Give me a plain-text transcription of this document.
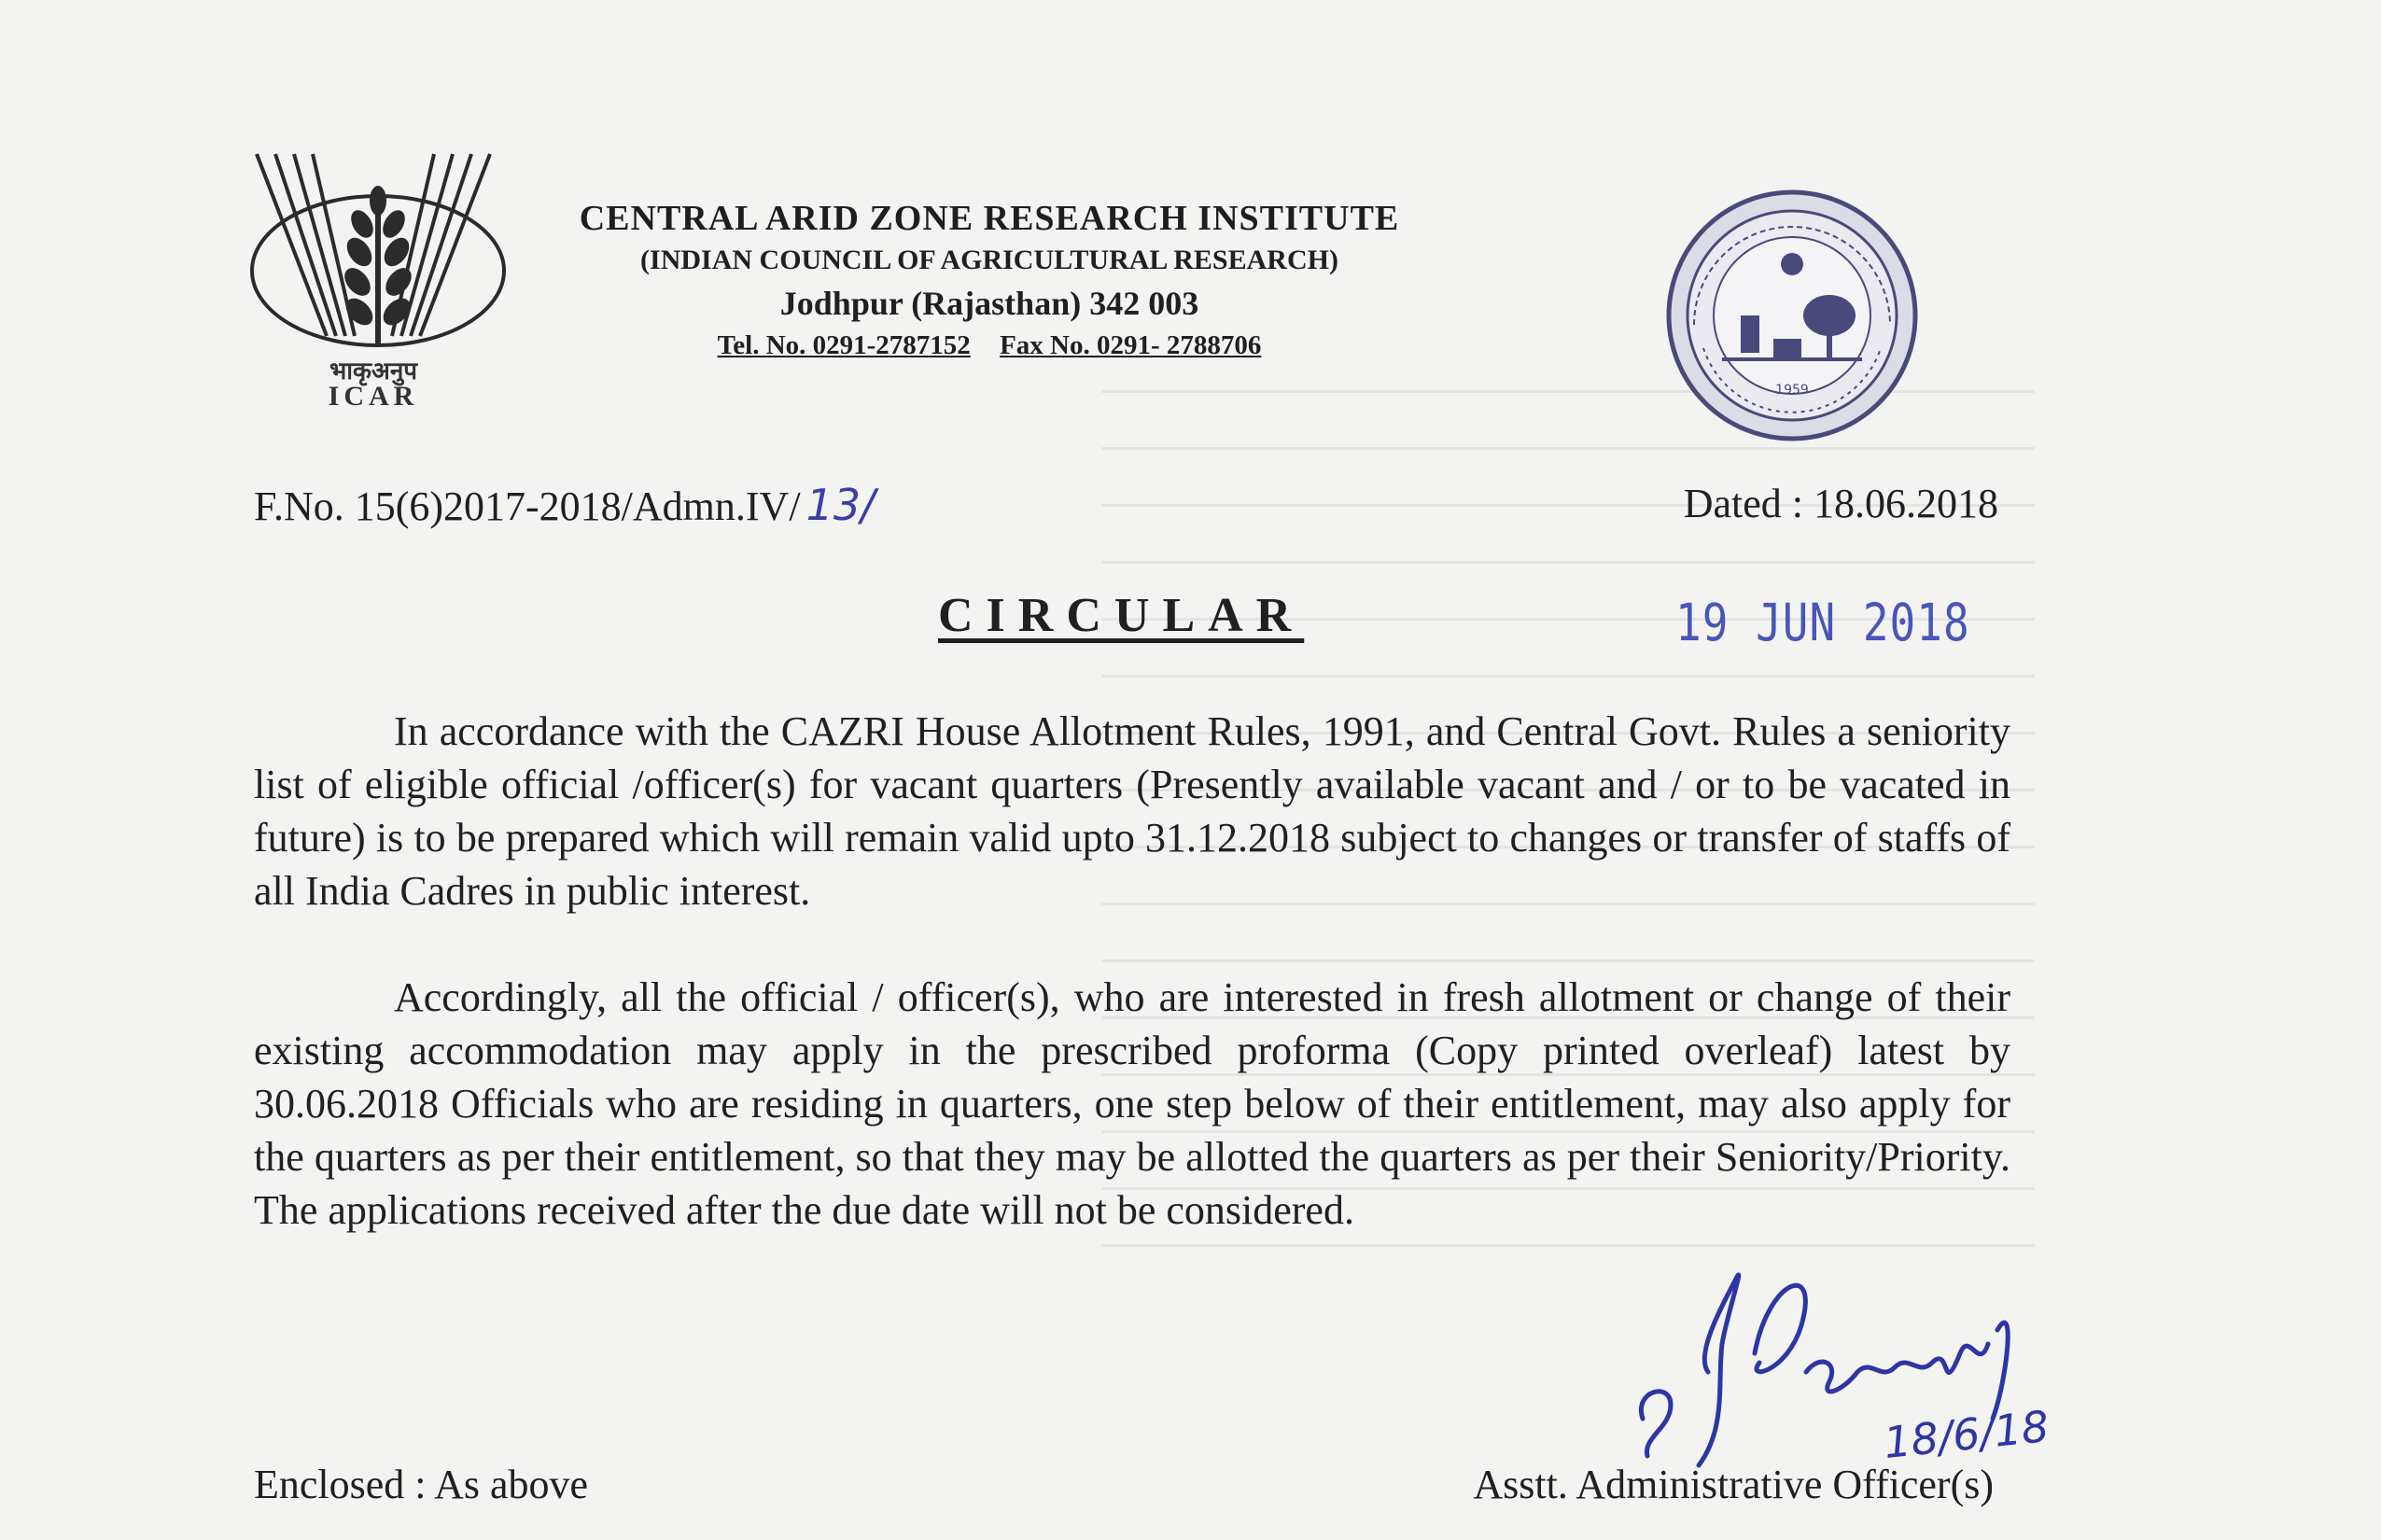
भाकृअनुप
ICAR
CENTRAL ARID ZONE RESEARCH INSTITUTE
(INDIAN COUNCIL OF AGRICULTURAL RESEARCH)
Jodhpur (Rajasthan) 342 003
Tel. No. 0291-2787152 Fax No. 0291- 2788706
1959
F.No. 15(6)2017-2018/Admn.IV/ 13/	Dated : 18.06.2018
CIRCULAR	19 JUN 2018

In accordance with the CAZRI House Allotment Rules, 1991, and Central Govt. Rules a seniority list of eligible official /officer(s) for vacant quarters (Presently available vacant and / or to be vacated in future) is to be prepared which will remain valid upto 31.12.2018 subject to changes or transfer of staffs of all India Cadres in public interest.

Accordingly, all the official / officer(s), who are interested in fresh allotment or change of their existing accommodation may apply in the prescribed proforma (Copy printed overleaf) latest by 30.06.2018 Officials who are residing in quarters, one step below of their entitlement, may also apply for the quarters as per their entitlement, so that they may be allotted the quarters as per their Seniority/Priority. The applications received after the due date will not be considered.

18/6/18
Enclosed : As above	Asstt. Administrative Officer(s)
